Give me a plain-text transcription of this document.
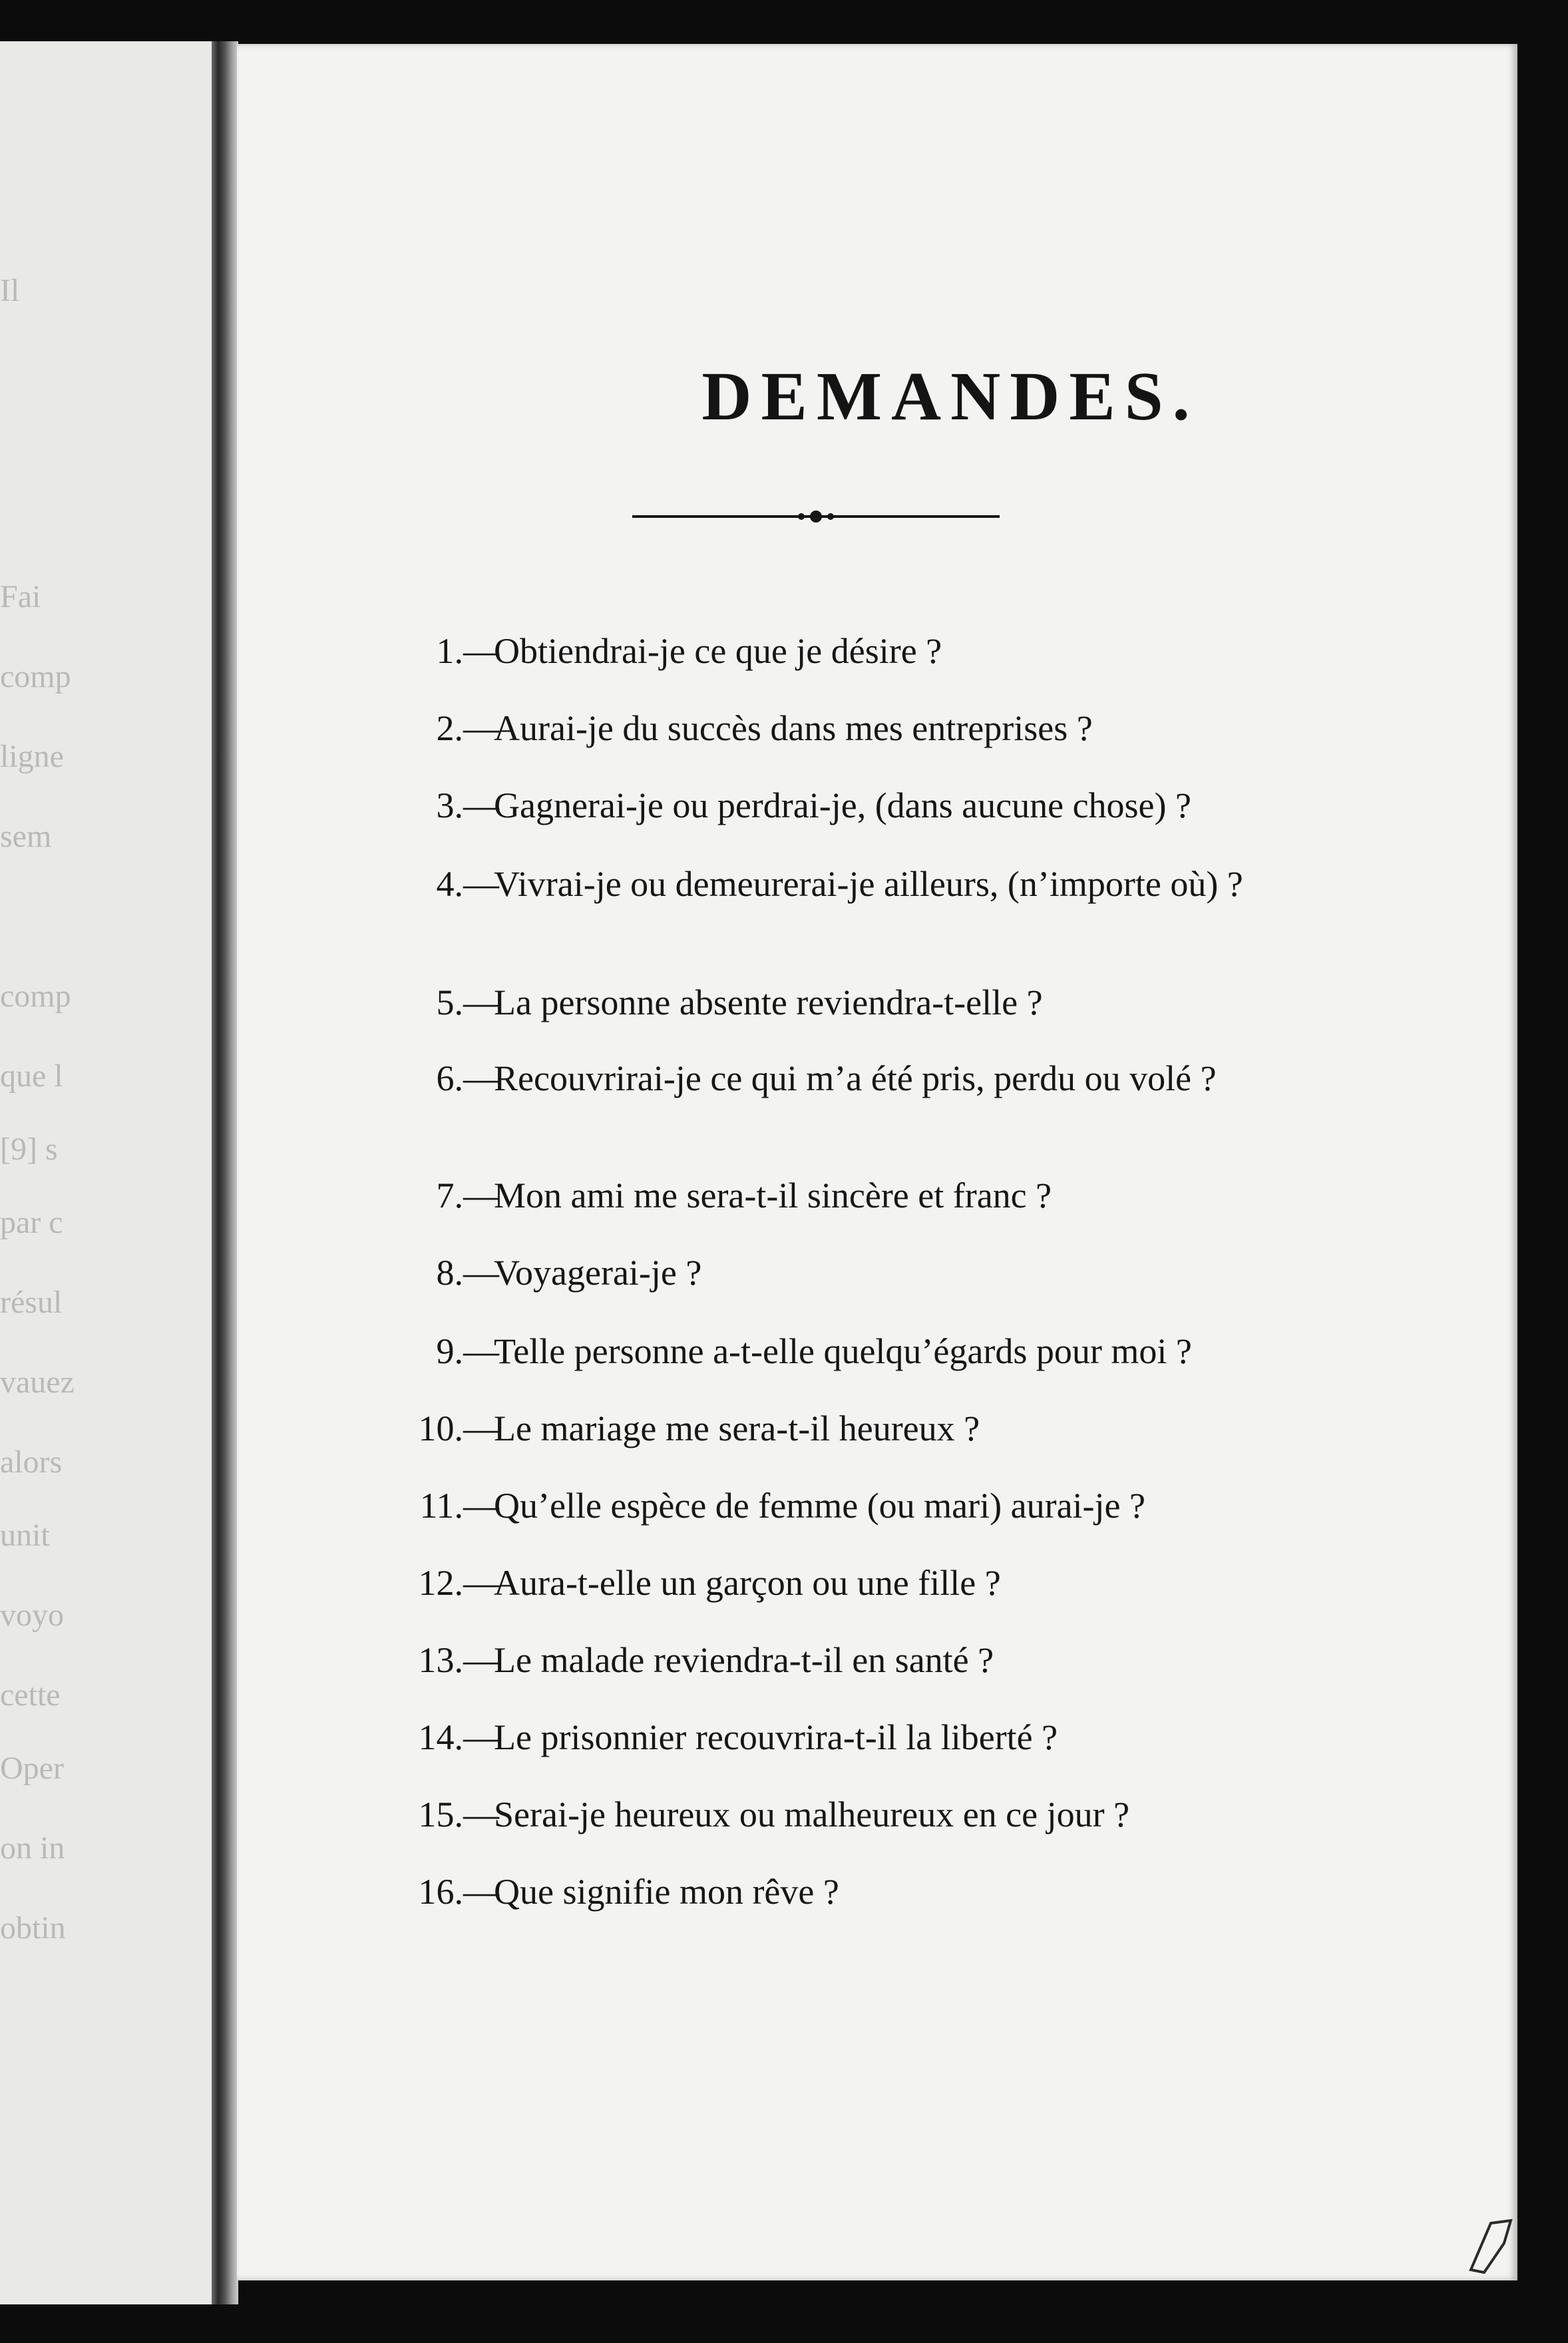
Il
Fai
comp
ligne
sem
comp
que l
[9] s
par c
résul
vauez
alors
unit
voyo
cette
Oper
on in
obtin
DEMANDES.
1. —
Obtiendrai-je ce que je désire ?
2. —
Aurai-je du succès dans mes entreprises ?
3. —
Gagnerai-je ou perdrai-je, (dans aucune chose) ?
4. —
Vivrai-je ou demeurerai-je ailleurs, (n’importe où) ?
5. —
La personne absente reviendra-t-elle ?
6. —
Recouvrirai-je ce qui m’a été pris, perdu ou volé ?
7. —
Mon ami me sera-t-il sincère et franc ?
8. —
Voyagerai-je ?
9. —
Telle personne a-t-elle quelqu’égards pour moi ?
10. —
Le mariage me sera-t-il heureux ?
11. —
Qu’elle espèce de femme (ou mari) aurai-je ?
12. —
Aura-t-elle un garçon ou une fille ?
13. —
Le malade reviendra-t-il en santé ?
14. —
Le prisonnier recouvrira-t-il la liberté ?
15. —
Serai-je heureux ou malheureux en ce jour ?
16. —
Que signifie mon rêve ?
